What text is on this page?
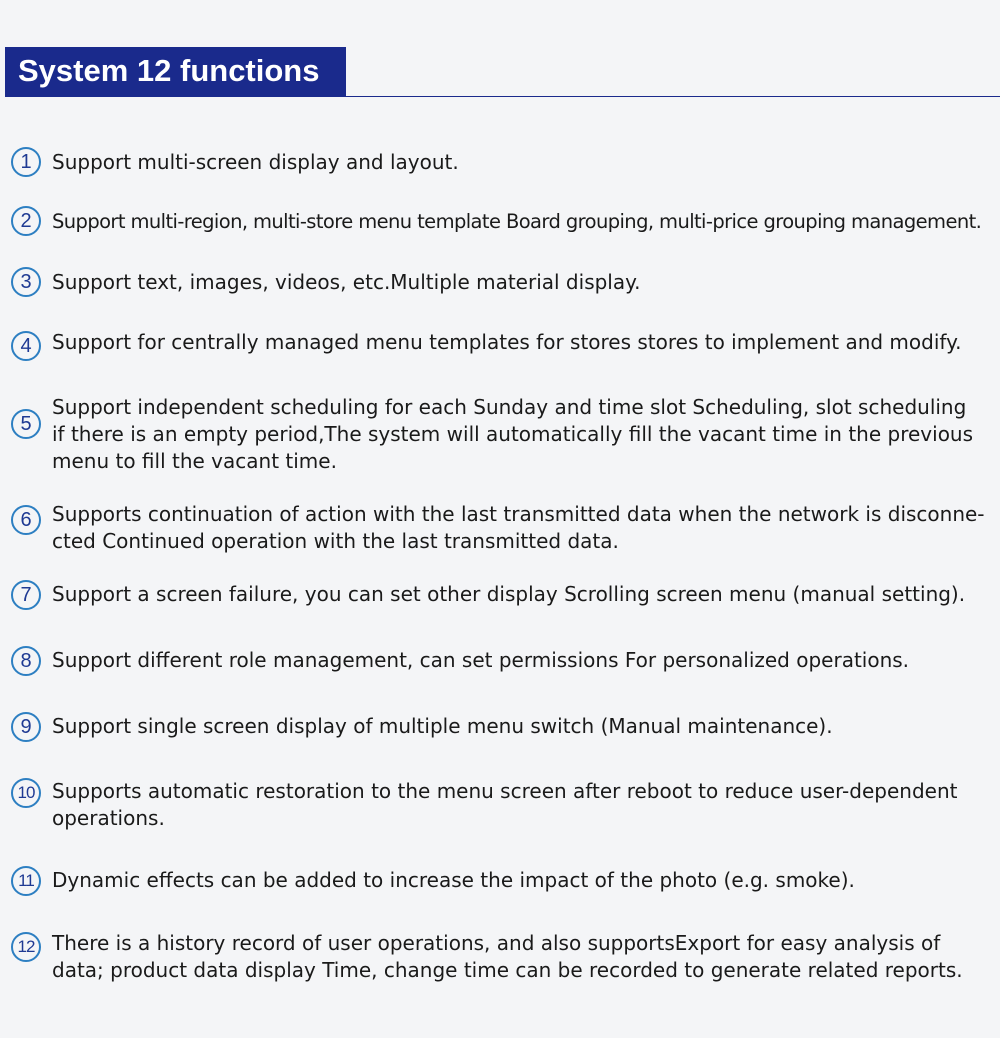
System 12 functions
1	Support multi-screen display and layout.
2	Support multi-region, multi-store menu template Board grouping, multi-price grouping management.
3	Support text, images, videos, etc.Multiple material display.
4	Support for centrally managed menu templates for stores stores to implement and modify.
5
Support independent scheduling for each Sunday and time slot Scheduling, slot scheduling
if there is an empty period,The system will automatically fill the vacant time in the previous
menu to fill the vacant time.
6	Supports continuation of action with the last transmitted data when the network is disconne-
cted Continued operation with the last transmitted data.
7	Support a screen failure, you can set other display Scrolling screen menu (manual setting).
8	Support different role management, can set permissions For personalized operations.
9	Support single screen display of multiple menu switch (Manual maintenance).
10 Supports automatic restoration to the menu screen after reboot to reduce user-dependent
operations.
11 Dynamic effects can be added to increase the impact of the photo (e.g. smoke).
12 There is a history record of user operations, and also supportsExport for easy analysis of
data; product data display Time, change time can be recorded to generate related reports.
